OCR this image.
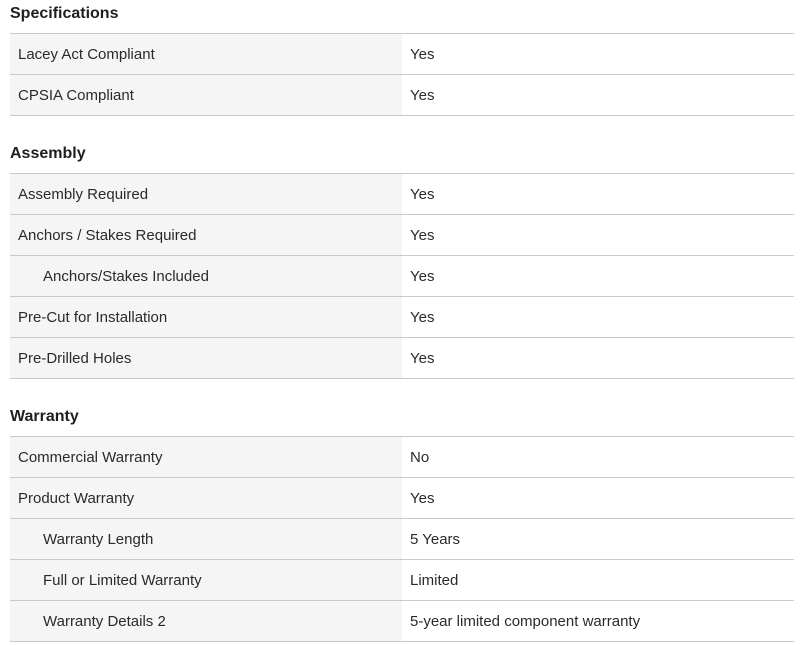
Specifications
Lacey Act Compliant	Yes
CPSIA Compliant	Yes
Assembly
Assembly Required	Yes
Anchors / Stakes Required	Yes
Anchors/Stakes Included	Yes
Pre-Cut for Installation	Yes
Pre-Drilled Holes	Yes
Warranty
Commercial Warranty	No
Product Warranty	Yes
Warranty Length	5 Years
Full or Limited Warranty	Limited
Warranty Details 2	5-year limited component warranty
